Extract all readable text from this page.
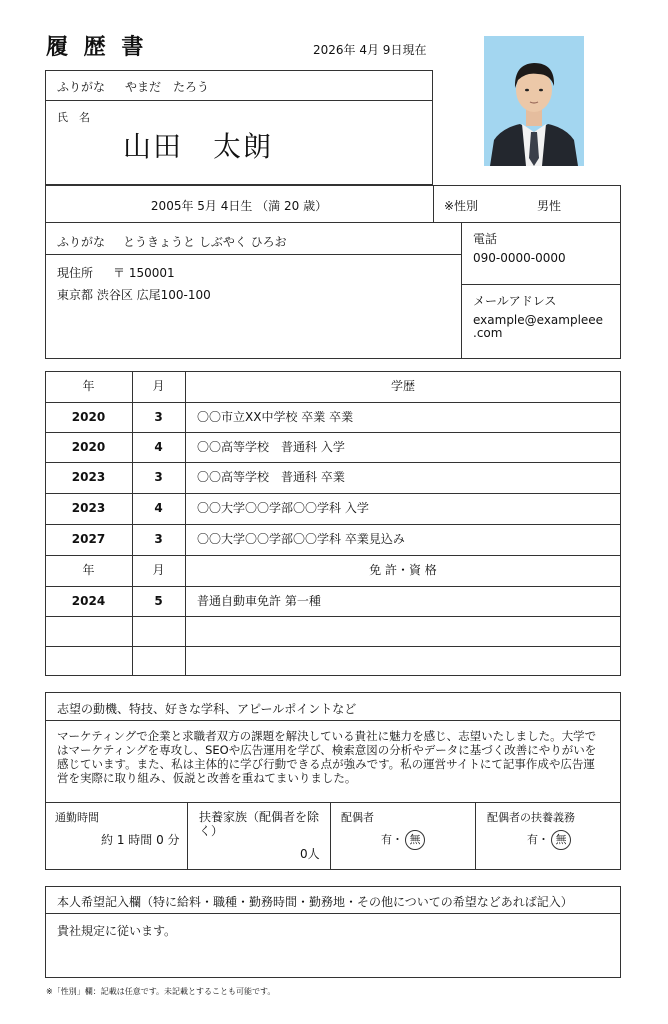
履 歴 書	2026年 4月 9日現在
ふりがな やまだ　たろう
氏　名
山田　太朗
2005年 5月 4日生 （満 20 歳）	※性別	男性
ふりがな とうきょうと しぶやく ひろお
現住所 〒 150001
東京都 渋谷区 広尾100-100
電話
090-0000-0000
メールアドレス
example@exampleee
.com
年	月	学歴
2020	3	〇〇市立XX中学校 卒業 卒業
2020	4	〇〇高等学校　普通科 入学
2023	3	〇〇高等学校　普通科 卒業
2023	4	〇〇大学〇〇学部〇〇学科 入学
2027	3	〇〇大学〇〇学部〇〇学科 卒業見込み
年	月	免 許・資 格
2024	5	普通自動車免許 第一種
志望の動機、特技、好きな学科、アピールポイントなど
マーケティングで企業と求職者双方の課題を解決している貴社に魅力を感じ、志望いたしました。大学ではマーケティングを専攻し、SEOや広告運用を学び、検索意図の分析やデータに基づく改善にやりがいを感じています。また、私は主体的に学び行動できる点が強みです。私の運営サイトにて記事作成や広告運営を実際に取り組み、仮説と改善を重ねてまいりました。
通勤時間
約 1 時間 0 分
扶養家族（配偶者を除
く）
0人
配偶者
有・ 無
配偶者の扶養義務
有・ 無
本人希望記入欄（特に給料・職種・勤務時間・勤務地・その他についての希望などあれば記入）
貴社規定に従います。
※「性別」欄：記載は任意です。未記載とすることも可能です。
